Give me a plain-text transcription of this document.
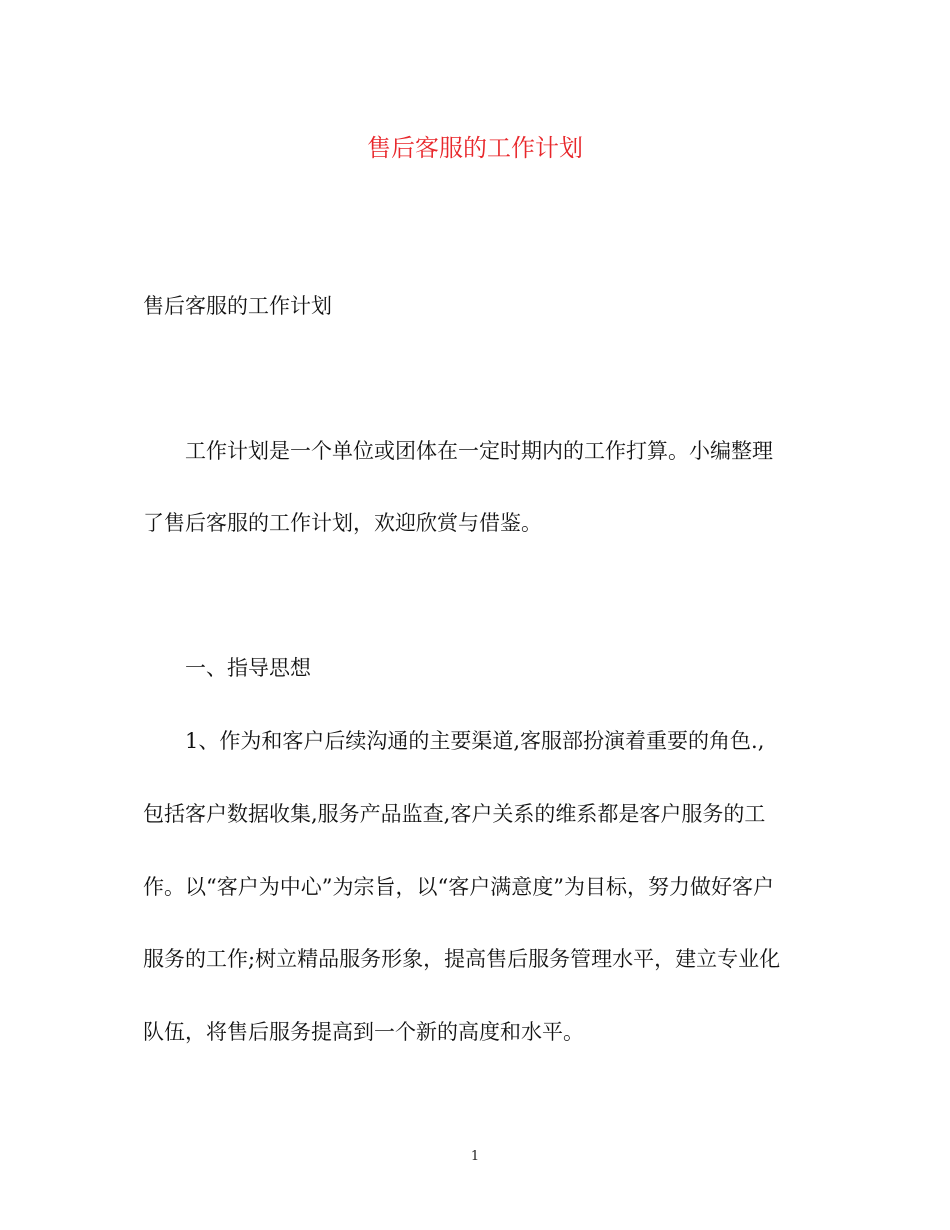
售后客服的工作计划
售后客服的工作计划
工作计划是一个单位或团体在一定时期内的工作打算。小编整理
了售后客服的工作计划，欢迎欣赏与借鉴。
一、指导思想
1、作为和客户后续沟通的主要渠道,客服部扮演着重要的角色.,
包括客户数据收集,服务产品监查,客户关系的维系都是客户服务的工
作。以“客户为中心”为宗旨，以“客户满意度”为目标，努力做好客户
服务的工作;树立精品服务形象，提高售后服务管理水平，建立专业化
队伍，将售后服务提高到一个新的高度和水平。
1
